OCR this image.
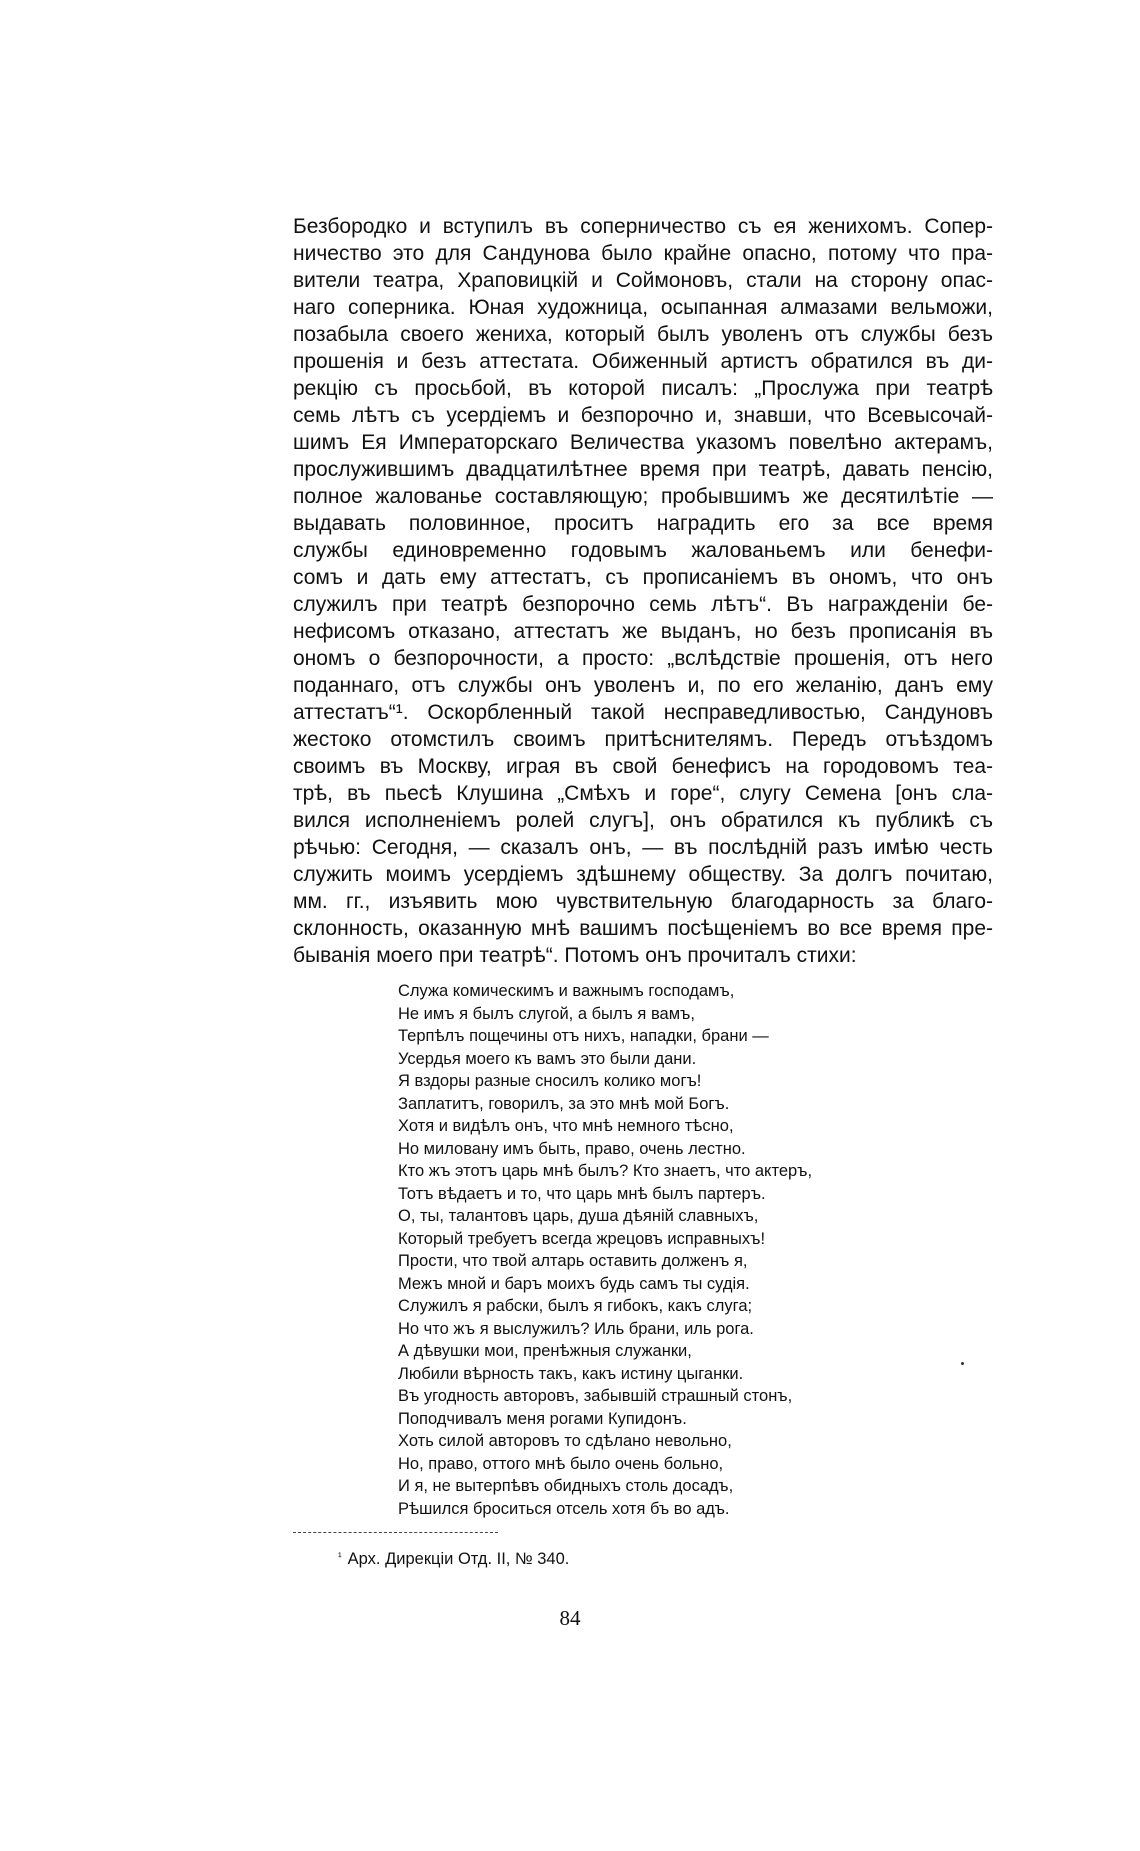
Безбородко и вступилъ въ соперничество съ ея женихомъ. Сопер-
ничество это для Сандунова было крайне опасно, потому что пра-
вители театра, Храповицкій и Соймоновъ, стали на сторону опас-
наго соперника. Юная художница, осыпанная алмазами вельможи,
позабыла своего жениха, который былъ уволенъ отъ службы безъ
прошенія и безъ аттестата. Обиженный артистъ обратился въ ди-
рекцію съ просьбой, въ которой писалъ: „Прослужа при театрѣ
семь лѣтъ съ усердіемъ и безпорочно и, знавши, что Всевысочай-
шимъ Ея Императорскаго Величества указомъ повелѣно актерамъ,
прослужившимъ двадцатилѣтнее время при театрѣ, давать пенсію,
полное жалованье составляющую; пробывшимъ же десятилѣтіе —
выдавать половинное, проситъ наградить его за все время
службы единовременно годовымъ жалованьемъ или бенефи-
сомъ и дать ему аттестатъ, съ прописаніемъ въ ономъ, что онъ
служилъ при театрѣ безпорочно семь лѣтъ“. Въ награжденіи бе-
нефисомъ отказано, аттестатъ же выданъ, но безъ прописанія въ
ономъ о безпорочности, а просто: „вслѣдствіе прошенія, отъ него
поданнаго, отъ службы онъ уволенъ и, по его желанію, данъ ему
аттестатъ“¹. Оскорбленный такой несправедливостью, Сандуновъ
жестоко отомстилъ своимъ притѣснителямъ. Передъ отъѣздомъ
своимъ въ Москву, играя въ свой бенефисъ на городовомъ теа-
трѣ, въ пьесѣ Клушина „Смѣхъ и горе“, слугу Семена [онъ сла-
вился исполненіемъ ролей слугъ], онъ обратился къ публикѣ съ
рѣчью: Сегодня, — сказалъ онъ, — въ послѣдній разъ имѣю честь
служить моимъ усердіемъ здѣшнему обществу. За долгъ почитаю,
мм. гг., изъявить мою чувствительную благодарность за благо-
склонность, оказанную мнѣ вашимъ посѣщеніемъ во все время пре-
быванія моего при театрѣ“. Потомъ онъ прочиталъ стихи:
Служа комическимъ и важнымъ господамъ,
Не имъ я былъ слугой, а былъ я вамъ,
Терпѣлъ пощечины отъ нихъ, нападки, брани —
Усердья моего къ вамъ это были дани.
Я вздоры разные сносилъ колико могъ!
Заплатитъ, говорилъ, за это мнѣ мой Богъ.
Хотя и видѣлъ онъ, что мнѣ немного тѣсно,
Но миловану имъ быть, право, очень лестно.
Кто жъ этотъ царь мнѣ былъ? Кто знаетъ, что актеръ,
Тотъ вѣдаетъ и то, что царь мнѣ былъ партеръ.
О, ты, талантовъ царь, душа дѣяній славныхъ,
Который требуетъ всегда жрецовъ исправныхъ!
Прости, что твой алтарь оставить долженъ я,
Межъ мной и баръ моихъ будь самъ ты судія.
Служилъ я рабски, былъ я гибокъ, какъ слуга;
Но что жъ я выслужилъ? Иль брани, иль рога.
А дѣвушки мои, пренѣжныя служанки,
Любили вѣрность такъ, какъ истину цыганки.
Въ угодность авторовъ, забывшій страшный стонъ,
Поподчивалъ меня рогами Купидонъ.
Хоть силой авторовъ то сдѣлано невольно,
Но, право, оттого мнѣ было очень больно,
И я, не вытерпѣвъ обидныхъ столь досадъ,
Рѣшился броситься отсель хотя бъ во адъ.
$^{^1}$ Арх. Дирекціи Отд. II, № 340.
84
